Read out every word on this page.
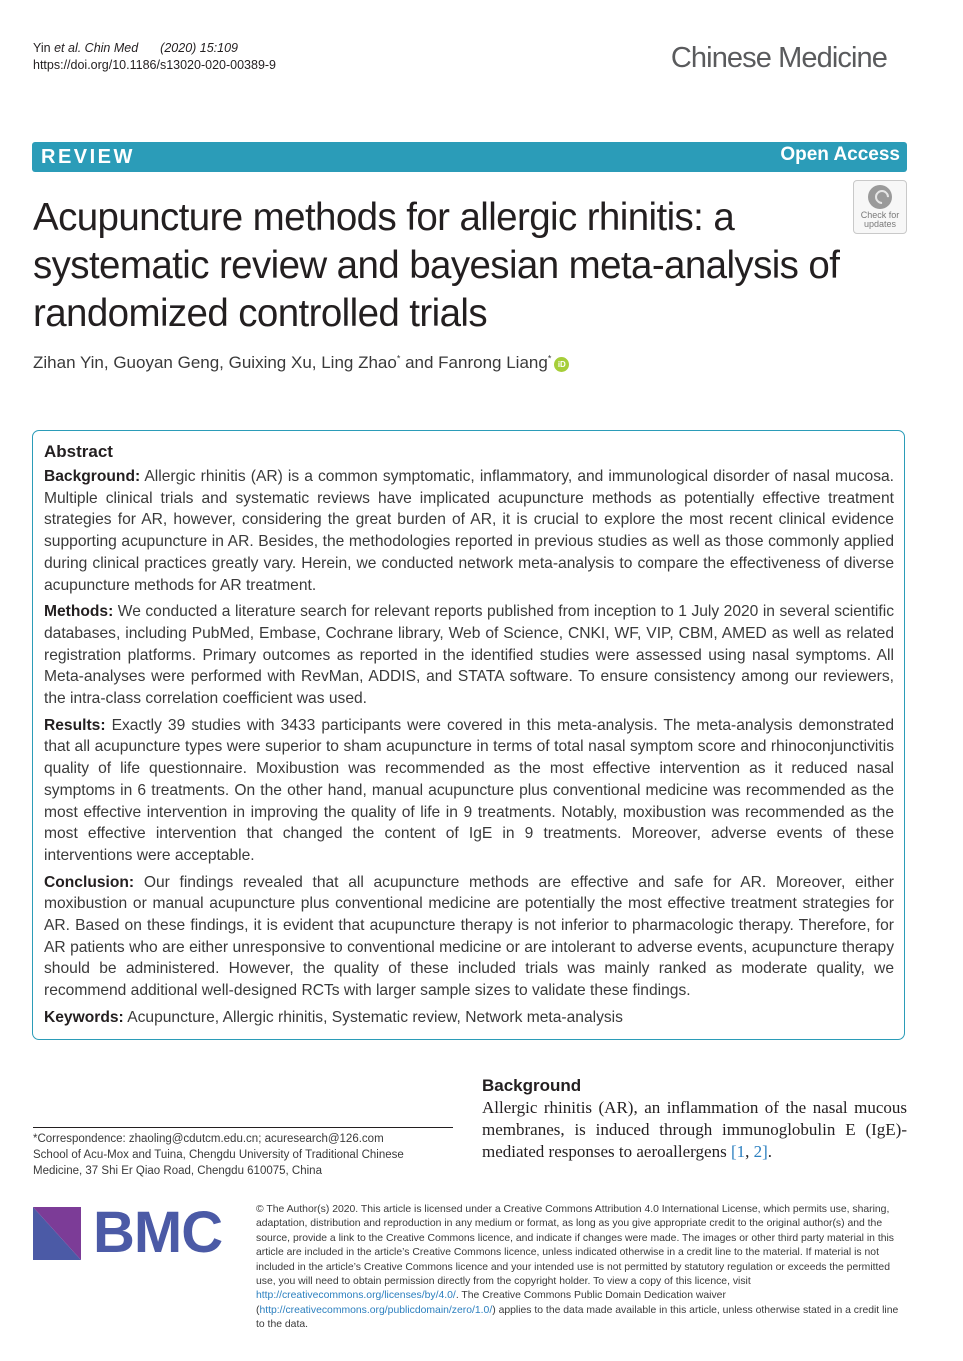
Yin et al. Chin Med (2020) 15:109
https://doi.org/10.1186/s13020-020-00389-9	Chinese Medicine
REVIEW	Open Access
Acupuncture methods for allergic rhinitis: a systematic review and bayesian meta-analysis of randomized controlled trials
Check for
updates
Zihan Yin, Guoyan Geng, Guixing Xu, Ling Zhao* and Fanrong Liang*iD
Abstract

Background: Allergic rhinitis (AR) is a common symptomatic, inflammatory, and immunological disorder of nasal mucosa. Multiple clinical trials and systematic reviews have implicated acupuncture methods as potentially effective treatment strategies for AR, however, considering the great burden of AR, it is crucial to explore the most recent clinical evidence supporting acupuncture in AR. Besides, the methodologies reported in previous studies as well as those commonly applied during clinical practices greatly vary. Herein, we conducted network meta-analysis to compare the effectiveness of diverse acupuncture methods for AR treatment.

Methods: We conducted a literature search for relevant reports published from inception to 1 July 2020 in several scientific databases, including PubMed, Embase, Cochrane library, Web of Science, CNKI, WF, VIP, CBM, AMED as well as related registration platforms. Primary outcomes as reported in the identified studies were assessed using nasal symptoms. All Meta-analyses were performed with RevMan, ADDIS, and STATA software. To ensure consistency among our reviewers, the intra-class correlation coefficient was used.

Results: Exactly 39 studies with 3433 participants were covered in this meta-analysis. The meta-analysis demonstrated that all acupuncture types were superior to sham acupuncture in terms of total nasal symptom score and rhinoconjunctivitis quality of life questionnaire. Moxibustion was recommended as the most effective intervention as it reduced nasal symptoms in 6 treatments. On the other hand, manual acupuncture plus conventional medicine was recommended as the most effective intervention in improving the quality of life in 9 treatments. Notably, moxibustion was recommended as the most effective intervention that changed the content of IgE in 9 treatments. Moreover, adverse events of these interventions were acceptable.

Conclusion: Our findings revealed that all acupuncture methods are effective and safe for AR. Moreover, either moxibustion or manual acupuncture plus conventional medicine are potentially the most effective treatment strategies for AR. Based on these findings, it is evident that acupuncture therapy is not inferior to pharmacologic therapy. Therefore, for AR patients who are either unresponsive to conventional medicine or are intolerant to adverse events, acupuncture therapy should be administered. However, the quality of these included trials was mainly ranked as moderate quality, we recommend additional well-designed RCTs with larger sample sizes to validate these findings.

Keywords: Acupuncture, Allergic rhinitis, Systematic review, Network meta-analysis

*Correspondence: zhaoling@cdutcm.edu.cn; acuresearch@126.com
School of Acu-Mox and Tuina, Chengdu University of Traditional Chinese
Medicine, 37 Shi Er Qiao Road, Chengdu 610075, China
Background

Allergic rhinitis (AR), an inflammation of the nasal mucous membranes, is induced through immunoglobulin E (IgE)-mediated responses to aeroallergens [1, 2].

BMC	© The Author(s) 2020. This article is licensed under a Creative Commons Attribution 4.0 International License, which permits use, sharing, adaptation, distribution and reproduction in any medium or format, as long as you give appropriate credit to the original author(s) and the source, provide a link to the Creative Commons licence, and indicate if changes were made. The images or other third party material in this article are included in the article’s Creative Commons licence, unless indicated otherwise in a credit line to the material. If material is not included in the article’s Creative Commons licence and your intended use is not permitted by statutory regulation or exceeds the permitted use, you will need to obtain permission directly from the copyright holder. To view a copy of this licence, visit http://creativecommons.org/licenses/by/4.0/. The Creative Commons Public Domain Dedication waiver (http://creativecommons.org/publicdomain/zero/1.0/) applies to the data made available in this article, unless otherwise stated in a credit line to the data.
